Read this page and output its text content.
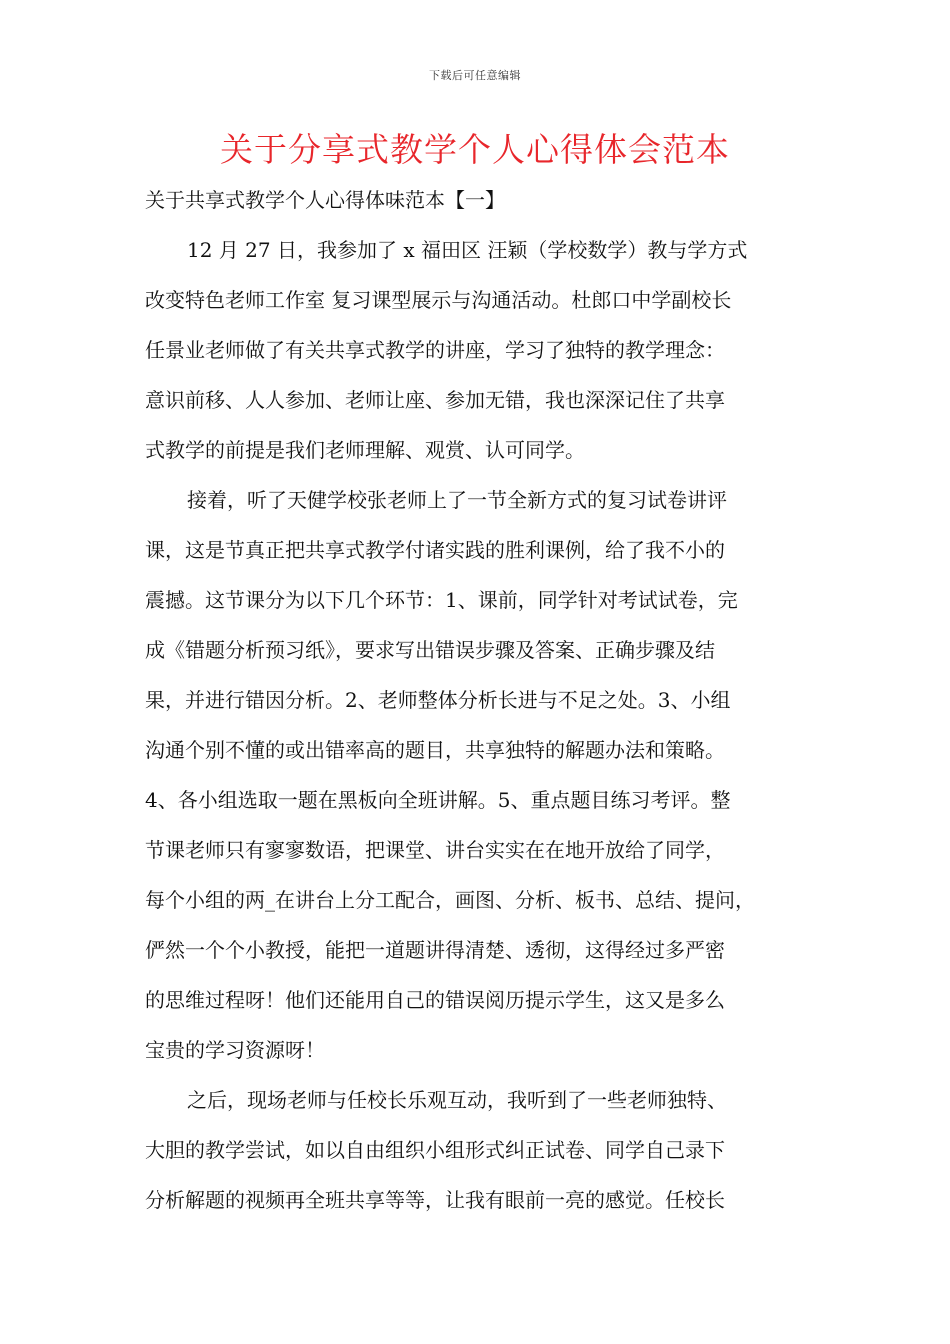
下载后可任意编辑
关于分享式教学个人心得体会范本
关于共享式教学个人心得体味范本【一】
12 月 27 日，我参加了 x 福田区 汪颖（学校数学）教与学方式
改变特色老师工作室 复习课型展示与沟通活动。杜郎口中学副校长
任景业老师做了有关共享式教学的讲座，学习了独特的教学理念：
意识前移、人人参加、老师让座、参加无错，我也深深记住了共享
式教学的前提是我们老师理解、观赏、认可同学。
接着，听了天健学校张老师上了一节全新方式的复习试卷讲评
课，这是节真正把共享式教学付诸实践的胜利课例，给了我不小的
震撼。这节课分为以下几个环节：1、课前，同学针对考试试卷，完
成《错题分析预习纸》，要求写出错误步骤及答案、正确步骤及结
果，并进行错因分析。2、老师整体分析长进与不足之处。3、小组
沟通个别不懂的或出错率高的题目，共享独特的解题办法和策略。
4、各小组选取一题在黑板向全班讲解。5、重点题目练习考评。整
节课老师只有寥寥数语，把课堂、讲台实实在在地开放给了同学，
每个小组的两_在讲台上分工配合，画图、分析、板书、总结、提问，
俨然一个个小教授，能把一道题讲得清楚、透彻，这得经过多严密
的思维过程呀！他们还能用自己的错误阅历提示学生，这又是多么
宝贵的学习资源呀！
之后，现场老师与任校长乐观互动，我听到了一些老师独特、
大胆的教学尝试，如以自由组织小组形式纠正试卷、同学自己录下
分析解题的视频再全班共享等等，让我有眼前一亮的感觉。任校长
